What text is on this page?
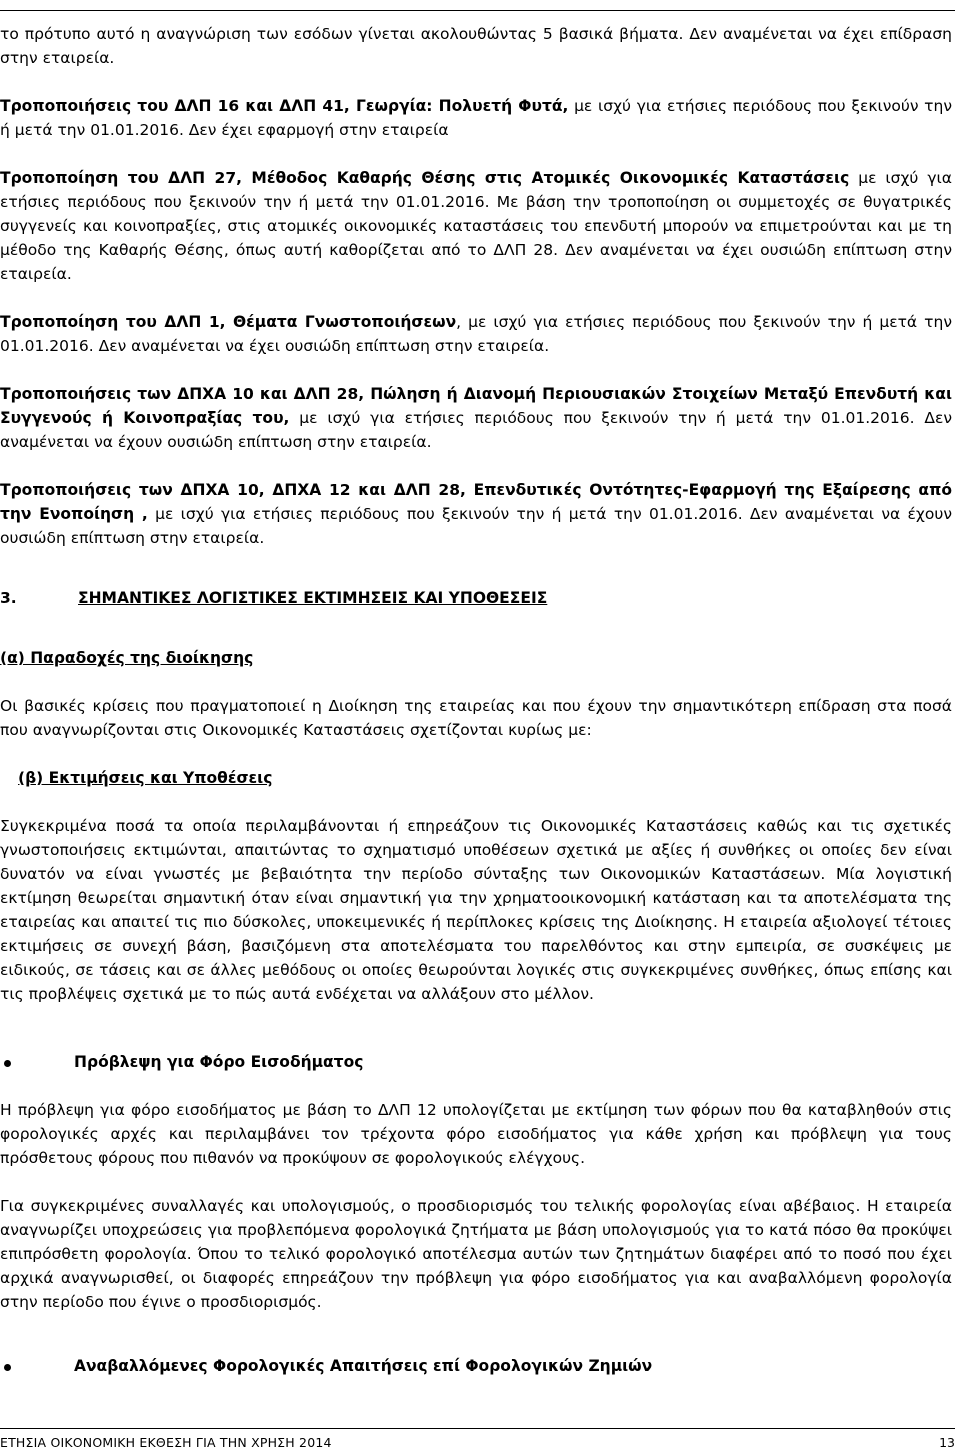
το πρότυπο αυτό η αναγνώριση των εσόδων γίνεται ακολουθώντας 5 βασικά βήματα. Δεν αναμένεται να έχει επίδραση στην εταιρεία.

Τροποποιήσεις του ΔΛΠ 16 και ΔΛΠ 41, Γεωργία: Πολυετή Φυτά, με ισχύ για ετήσιες περιόδους που ξεκινούν την ή μετά την 01.01.2016. Δεν έχει εφαρμογή στην εταιρεία

Τροποποίηση του ΔΛΠ 27, Μέθοδος Καθαρής Θέσης στις Ατομικές Οικονομικές Καταστάσεις με ισχύ για ετήσιες περιόδους που ξεκινούν την ή μετά την 01.01.2016. Με βάση την τροποποίηση οι συμμετοχές σε θυγατρικές συγγενείς και κοινοπραξίες, στις ατομικές οικονομικές καταστάσεις του επενδυτή μπορούν να επιμετρούνται και με τη μέθοδο της Καθαρής Θέσης, όπως αυτή καθορίζεται από το ΔΛΠ 28. Δεν αναμένεται να έχει ουσιώδη επίπτωση στην εταιρεία.

Τροποποίηση του ΔΛΠ 1, Θέματα Γνωστοποιήσεων, με ισχύ για ετήσιες περιόδους που ξεκινούν την ή μετά την 01.01.2016. Δεν αναμένεται να έχει ουσιώδη επίπτωση στην εταιρεία.

Τροποποιήσεις των ΔΠΧΑ 10 και ΔΛΠ 28, Πώληση ή Διανομή Περιουσιακών Στοιχείων Μεταξύ Επενδυτή και Συγγενούς ή Κοινοπραξίας του, με ισχύ για ετήσιες περιόδους που ξεκινούν την ή μετά την 01.01.2016. Δεν αναμένεται να έχουν ουσιώδη επίπτωση στην εταιρεία.

Τροποποιήσεις των ΔΠΧΑ 10, ΔΠΧΑ 12 και ΔΛΠ 28, Επενδυτικές Οντότητες-Εφαρμογή της Εξαίρεσης από την Ενοποίηση , με ισχύ για ετήσιες περιόδους που ξεκινούν την ή μετά την 01.01.2016. Δεν αναμένεται να έχουν ουσιώδη επίπτωση στην εταιρεία.

3.	ΣΗΜΑΝΤΙΚΕΣ ΛΟΓΙΣΤΙΚΕΣ ΕΚΤΙΜΗΣΕΙΣ ΚΑΙ ΥΠΟΘΕΣΕΙΣ

(α) Παραδοχές της διοίκησης

Οι βασικές κρίσεις που πραγματοποιεί η Διοίκηση της εταιρείας και που έχουν την σημαντικότερη επίδραση στα ποσά που αναγνωρίζονται στις Οικονομικές Καταστάσεις σχετίζονται κυρίως με:

(β) Εκτιμήσεις και Υποθέσεις

Συγκεκριμένα ποσά τα οποία περιλαμβάνονται ή επηρεάζουν τις Οικονομικές Καταστάσεις καθώς και τις σχετικές γνωστοποιήσεις εκτιμώνται, απαιτώντας το σχηματισμό υποθέσεων σχετικά με αξίες ή συνθήκες οι οποίες δεν είναι δυνατόν να είναι γνωστές με βεβαιότητα την περίοδο σύνταξης των Οικονομικών Καταστάσεων. Μία λογιστική εκτίμηση θεωρείται σημαντική όταν είναι σημαντική για την χρηματοοικονομική κατάσταση και τα αποτελέσματα της εταιρείας και απαιτεί τις πιο δύσκολες, υποκειμενικές ή περίπλοκες κρίσεις της Διοίκησης. Η εταιρεία αξιολογεί τέτοιες εκτιμήσεις σε συνεχή βάση, βασιζόμενη στα αποτελέσματα του παρελθόντος και στην εμπειρία, σε συσκέψεις με ειδικούς, σε τάσεις και σε άλλες μεθόδους οι οποίες θεωρούνται λογικές στις συγκεκριμένες συνθήκες, όπως επίσης και τις προβλέψεις σχετικά με το πώς αυτά ενδέχεται να αλλάξουν στο μέλλον.

Πρόβλεψη για Φόρο Εισοδήματος

Η πρόβλεψη για φόρο εισοδήματος με βάση το ΔΛΠ 12 υπολογίζεται με εκτίμηση των φόρων που θα καταβληθούν στις φορολογικές αρχές και περιλαμβάνει τον τρέχοντα φόρο εισοδήματος για κάθε χρήση και πρόβλεψη για τους πρόσθετους φόρους που πιθανόν να προκύψουν σε φορολογικούς ελέγχους.

Για συγκεκριμένες συναλλαγές και υπολογισμούς, ο προσδιορισμός του τελικής φορολογίας είναι αβέβαιος. Η εταιρεία αναγνωρίζει υποχρεώσεις για προβλεπόμενα φορολογικά ζητήματα με βάση υπολογισμούς για το κατά πόσο θα προκύψει επιπρόσθετη φορολογία. Όπου το τελικό φορολογικό αποτέλεσμα αυτών των ζητημάτων διαφέρει από το ποσό που έχει αρχικά αναγνωρισθεί, οι διαφορές επηρεάζουν την πρόβλεψη για φόρο εισοδήματος για και αναβαλλόμενη φορολογία στην περίοδο που έγινε ο προσδιορισμός.

Αναβαλλόμενες Φορολογικές Απαιτήσεις επί Φορολογικών Ζημιών
ΕΤΗΣΙΑ ΟΙΚΟΝΟΜΙΚΗ ΕΚΘΕΣΗ ΓΙΑ ΤΗΝ ΧΡΗΣΗ 2014	13
